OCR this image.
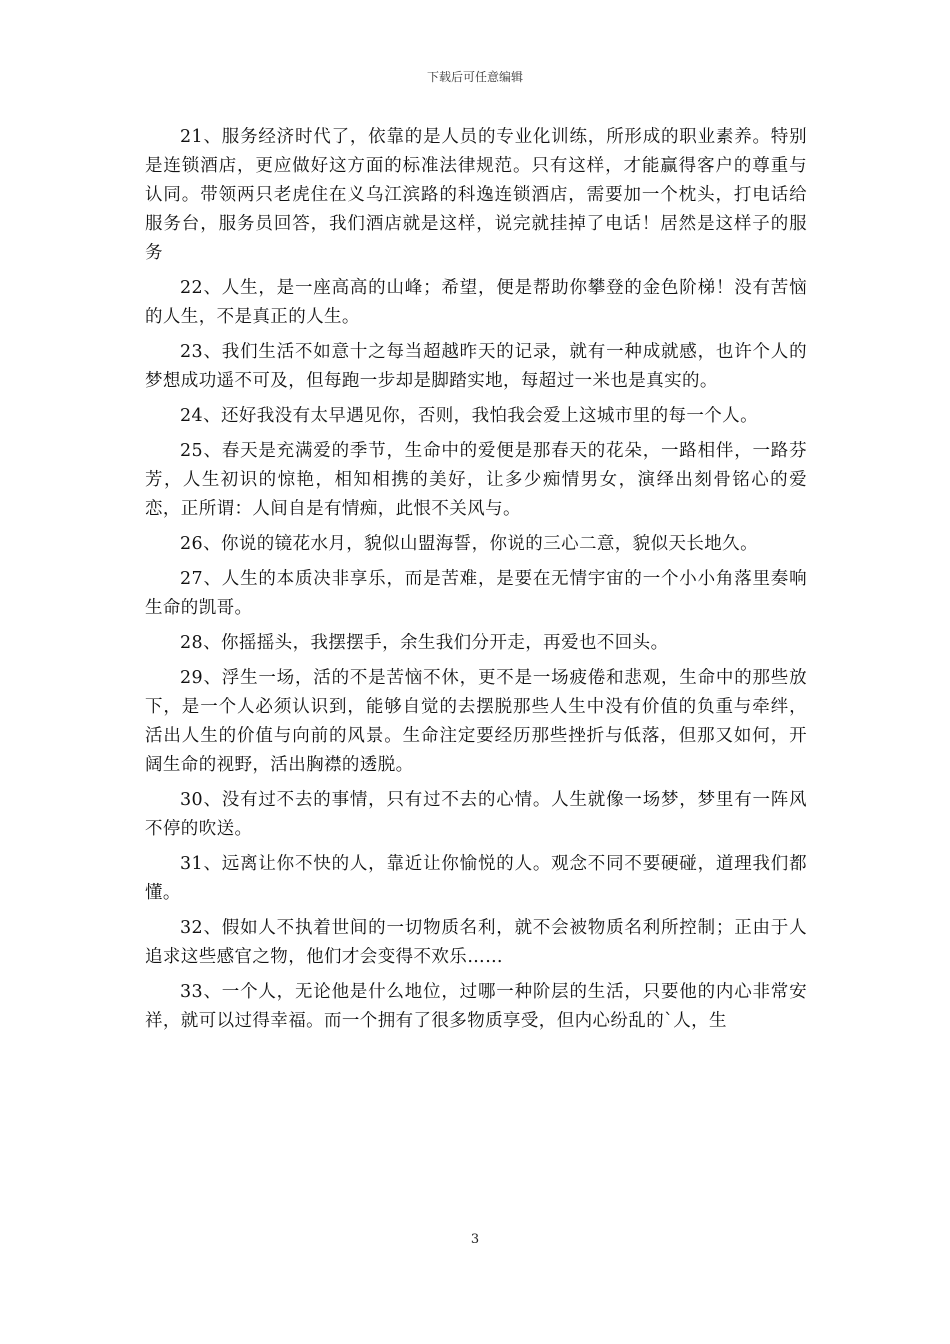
下载后可任意编辑

21、服务经济时代了，依靠的是人员的专业化训练，所形成的职业素养。特别是连锁酒店，更应做好这方面的标准法律规范。只有这样，才能赢得客户的尊重与认同。带领两只老虎住在义乌江滨路的科逸连锁酒店，需要加一个枕头，打电话给服务台，服务员回答，我们酒店就是这样，说完就挂掉了电话！居然是这样子的服务

22、人生，是一座高高的山峰；希望，便是帮助你攀登的金色阶梯！没有苦恼的人生，不是真正的人生。

23、我们生活不如意十之每当超越昨天的记录，就有一种成就感，也许个人的梦想成功遥不可及，但每跑一步却是脚踏实地，每超过一米也是真实的。

24、还好我没有太早遇见你，否则，我怕我会爱上这城市里的每一个人。

25、春天是充满爱的季节，生命中的爱便是那春天的花朵，一路相伴，一路芬芳，人生初识的惊艳，相知相携的美好，让多少痴情男女，演绎出刻骨铭心的爱恋，正所谓：人间自是有情痴，此恨不关风与。

26、你说的镜花水月，貌似山盟海誓，你说的三心二意，貌似天长地久。

27、人生的本质决非享乐，而是苦难，是要在无情宇宙的一个小小角落里奏响生命的凯哥。

28、你摇摇头，我摆摆手，余生我们分开走，再爱也不回头。

29、浮生一场，活的不是苦恼不休，更不是一场疲倦和悲观，生命中的那些放下，是一个人必须认识到，能够自觉的去摆脱那些人生中没有价值的负重与牵绊，活出人生的价值与向前的风景。生命注定要经历那些挫折与低落，但那又如何，开阔生命的视野，活出胸襟的透脱。

30、没有过不去的事情，只有过不去的心情。人生就像一场梦，梦里有一阵风不停的吹送。

31、远离让你不快的人，靠近让你愉悦的人。观念不同不要硬碰，道理我们都懂。

32、假如人不执着世间的一切物质名利，就不会被物质名利所控制；正由于人追求这些感官之物，他们才会变得不欢乐……

33、一个人，无论他是什么地位，过哪一种阶层的生活，只要他的内心非常安祥，就可以过得幸福。而一个拥有了很多物质享受，但内心纷乱的`人，生

3
